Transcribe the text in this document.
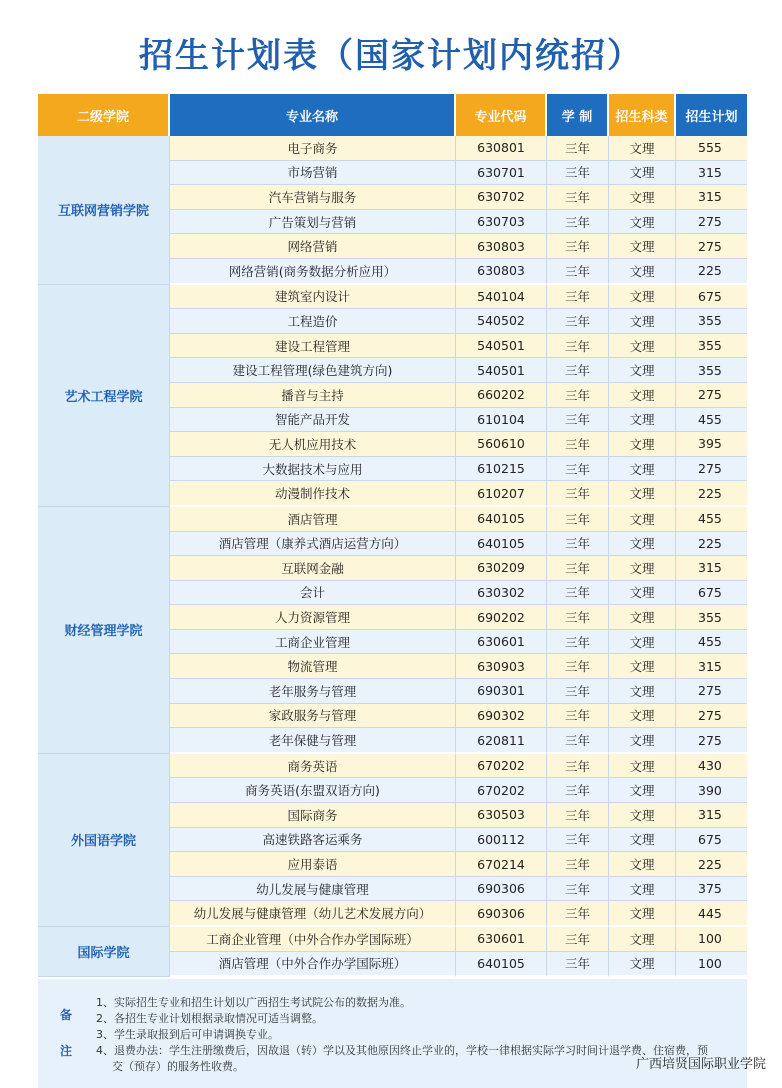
招生计划表（国家计划内统招）
二级学院	专业名称	专业代码	学 制	招生科类	招生计划
互联网营销学院	电子商务	630801	三年	文理	555
	市场营销	630701	三年	文理	315
	汽车营销与服务	630702	三年	文理	315
	广告策划与营销	630703	三年	文理	275
	网络营销	630803	三年	文理	275
	网络营销(商务数据分析应用）	630803	三年	文理	225
艺术工程学院	建筑室内设计	540104	三年	文理	675
	工程造价	540502	三年	文理	355
	建设工程管理	540501	三年	文理	355
	建设工程管理(绿色建筑方向)	540501	三年	文理	355
	播音与主持	660202	三年	文理	275
	智能产品开发	610104	三年	文理	455
	无人机应用技术	560610	三年	文理	395
	大数据技术与应用	610215	三年	文理	275
	动漫制作技术	610207	三年	文理	225
财经管理学院	酒店管理	640105	三年	文理	455
	酒店管理（康养式酒店运营方向）	640105	三年	文理	225
	互联网金融	630209	三年	文理	315
	会计	630302	三年	文理	675
	人力资源管理	690202	三年	文理	355
	工商企业管理	630601	三年	文理	455
	物流管理	630903	三年	文理	315
	老年服务与管理	690301	三年	文理	275
	家政服务与管理	690302	三年	文理	275
	老年保健与管理	620811	三年	文理	275
外国语学院	商务英语	670202	三年	文理	430
	商务英语(东盟双语方向)	670202	三年	文理	390
	国际商务	630503	三年	文理	315
	高速铁路客运乘务	600112	三年	文理	675
	应用泰语	670214	三年	文理	225
	幼儿发展与健康管理	690306	三年	文理	375
	幼儿发展与健康管理（幼儿艺术发展方向）	690306	三年	文理	445
国际学院	工商企业管理（中外合作办学国际班）	630601	三年	文理	100
	酒店管理（中外合作办学国际班）	640105	三年	文理	100
备

注
1、实际招生专业和招生计划以广西招生考试院公布的数据为准。
2、各招生专业计划根据录取情况可适当调整。
3、学生录取报到后可申请调换专业。
4、退费办法：学生注册缴费后，因故退（转）学以及其他原因终止学业的，学校一律根据实际学习时间计退学费、住宿费，预
交（预存）的服务性收费。	广西培贤国际职业学院
